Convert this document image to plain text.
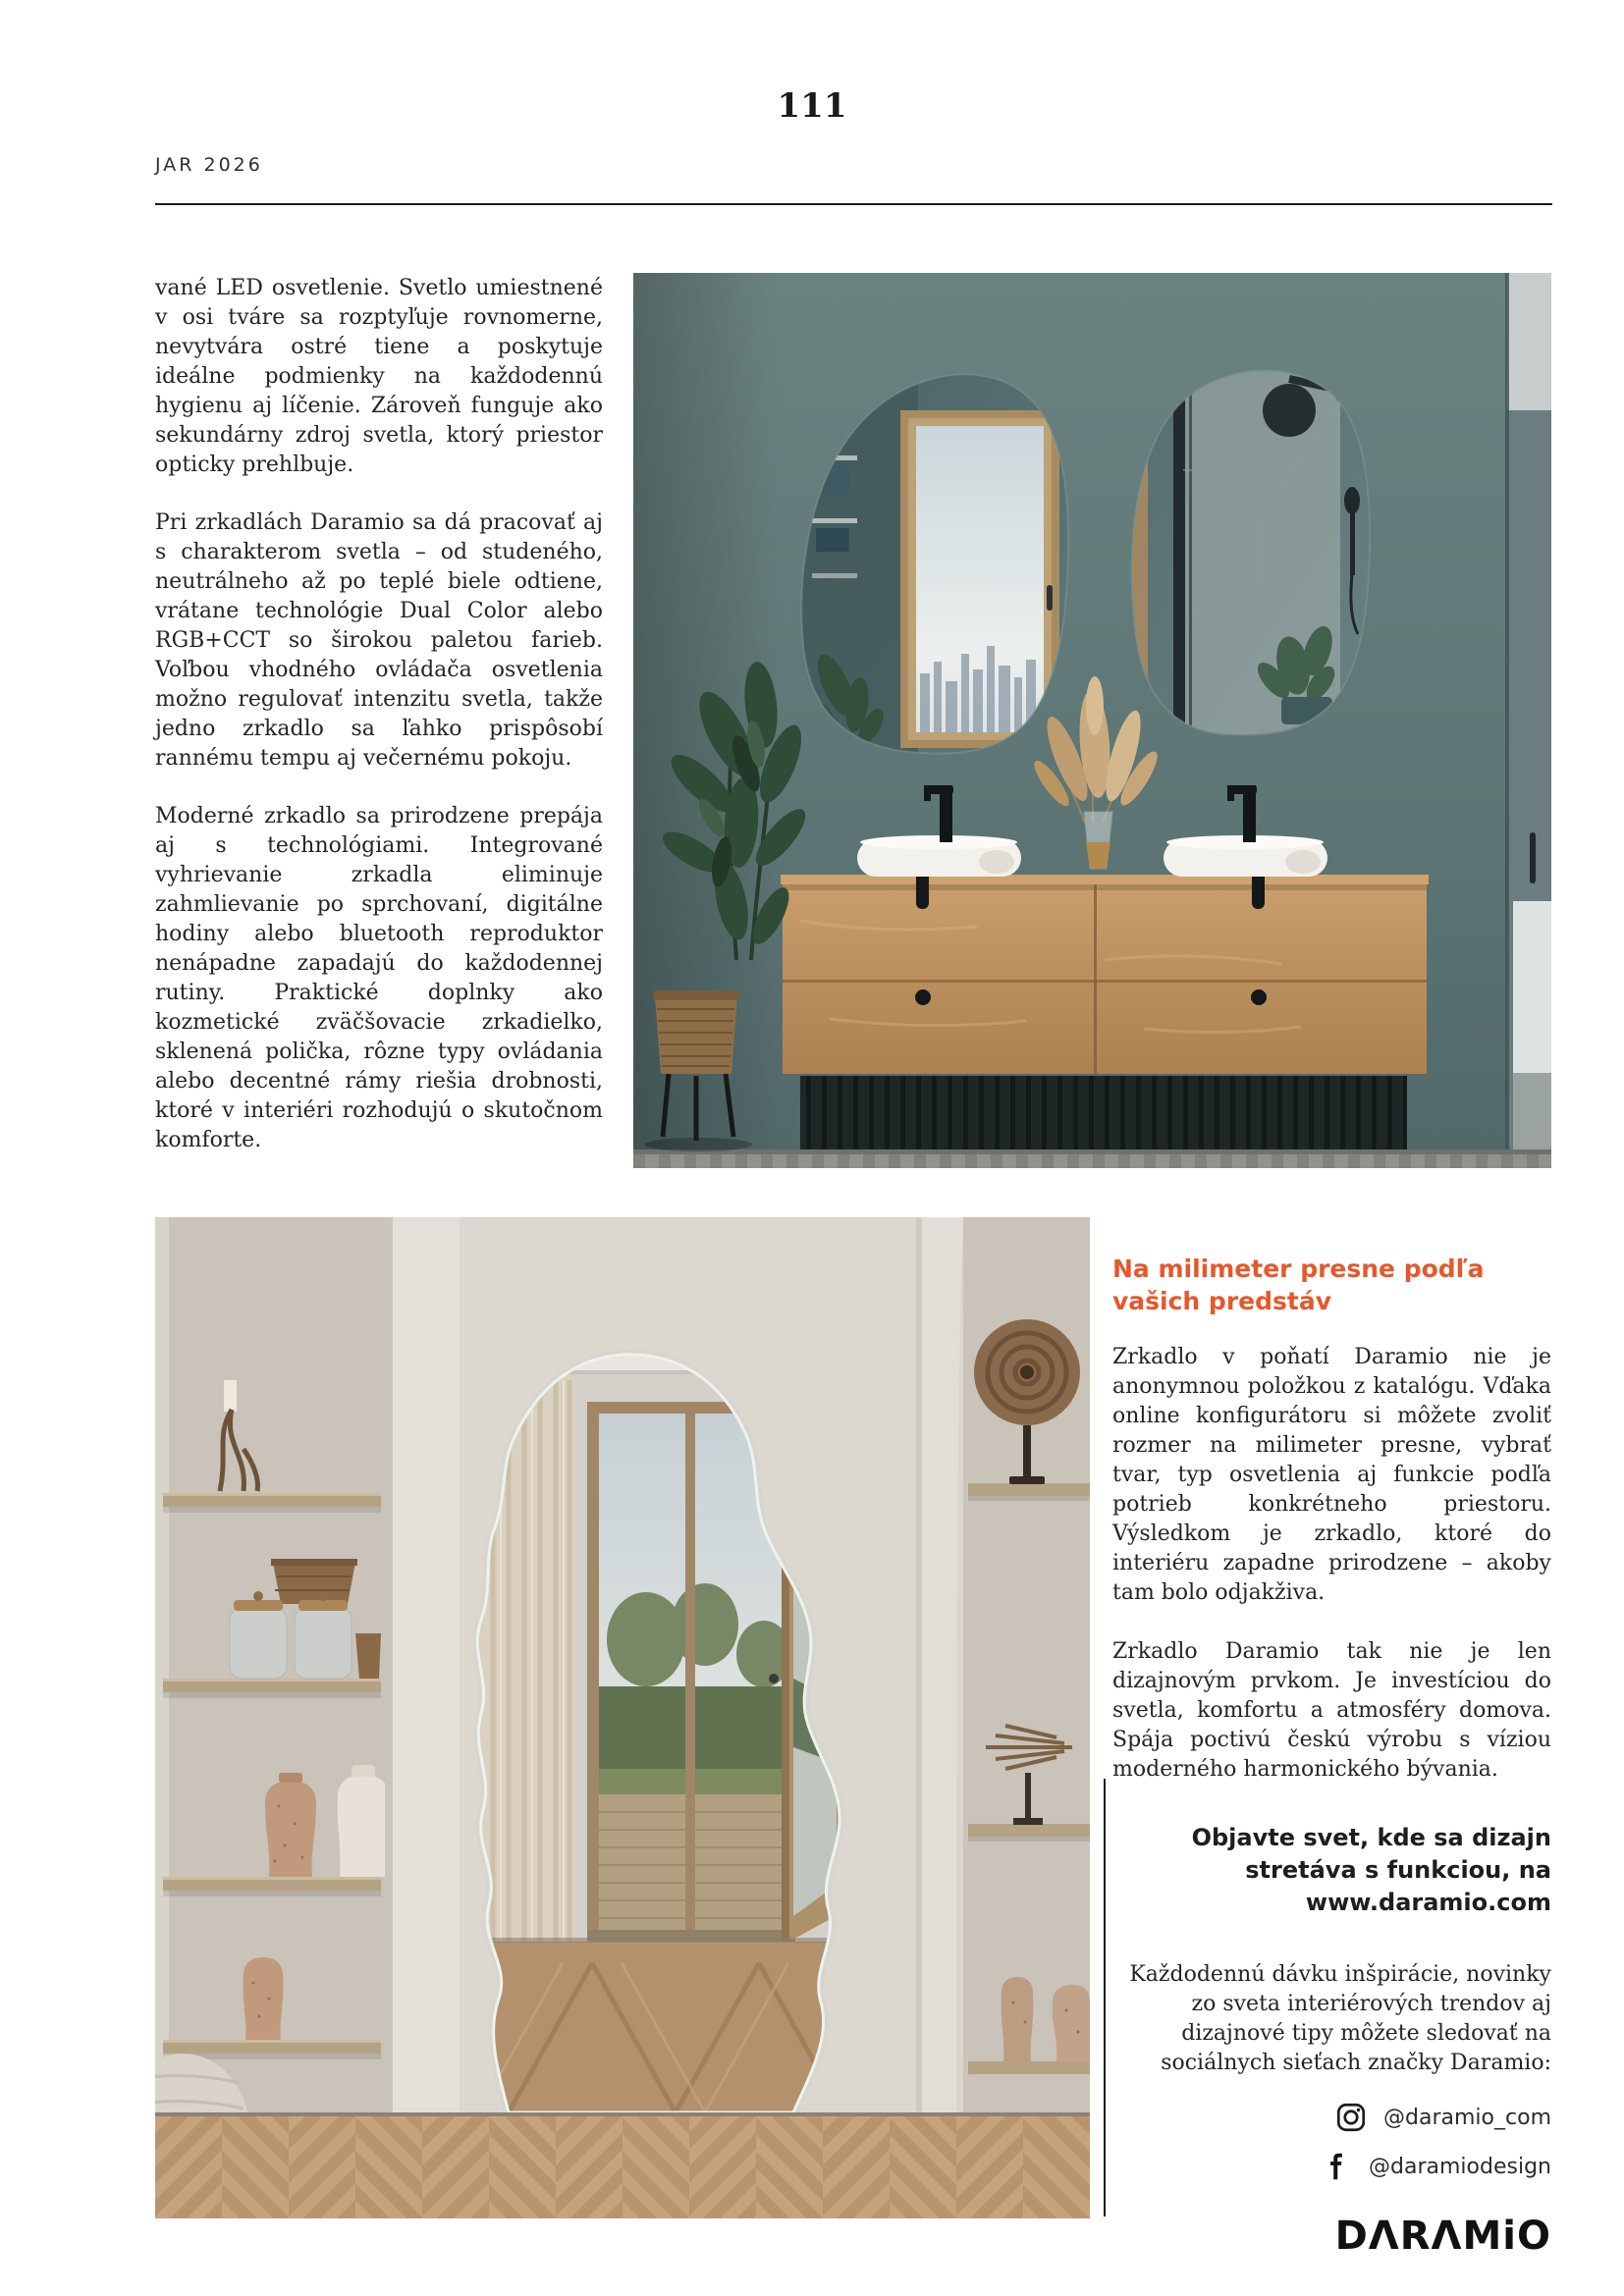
111
JAR 2026

vané LED osvetlenie. Svetlo umiestnené v osi tváre sa rozptyľuje rovnomerne, nevytvára ostré tiene a poskytuje ideálne podmienky na každodennú hygienu aj líčenie. Zároveň funguje ako sekundárny zdroj svetla, ktorý priestor opticky prehlbuje.

Pri zrkadlách Daramio sa dá pracovať aj s charakterom svetla – od studeného, neutrálneho až po teplé biele odtiene, vrátane technológie Dual Color alebo RGB+CCT so širokou paletou farieb. Voľbou vhodného ovládača osvetlenia možno regulovať intenzitu svetla, takže jedno zrkadlo sa ľahko prispôsobí rannému tempu aj večernému pokoju.

Moderné zrkadlo sa prirodzene prepája aj s technológiami. Integrované vyhrievanie zrkadla eliminuje zahmlievanie po sprchovaní, digitálne hodiny alebo bluetooth reproduktor nenápadne zapadajú do každodennej rutiny. Praktické doplnky ako kozmetické zväčšovacie zrkadielko, sklenená polička, rôzne typy ovládania alebo decentné rámy riešia drobnosti, ktoré v interiéri rozhodujú o skutočnom komforte.

Na milimeter presne podľa vašich predstáv

Zrkadlo v poňatí Daramio nie je anonymnou položkou z katalógu. Vďaka online konfigurátoru si môžete zvoliť rozmer na milimeter presne, vybrať tvar, typ osvetlenia aj funkcie podľa potrieb konkrétneho priestoru. Výsledkom je zrkadlo, ktoré do interiéru zapadne prirodzene – akoby tam bolo odjakživa.

Zrkadlo Daramio tak nie je len dizajnovým prvkom. Je investíciou do svetla, komfortu a atmosféry domova. Spája poctivú českú výrobu s víziou moderného harmonického bývania.

Objavte svet, kde sa dizajn
stretáva s funkciou, na
www.daramio.com

Každodennú dávku inšpirácie, novinky zo sveta interiérových trendov aj dizajnové tipy môžete sledovať na sociálnych sieťach značky Daramio:

@daramio_com
@daramiodesign
DΛRΛMiO
